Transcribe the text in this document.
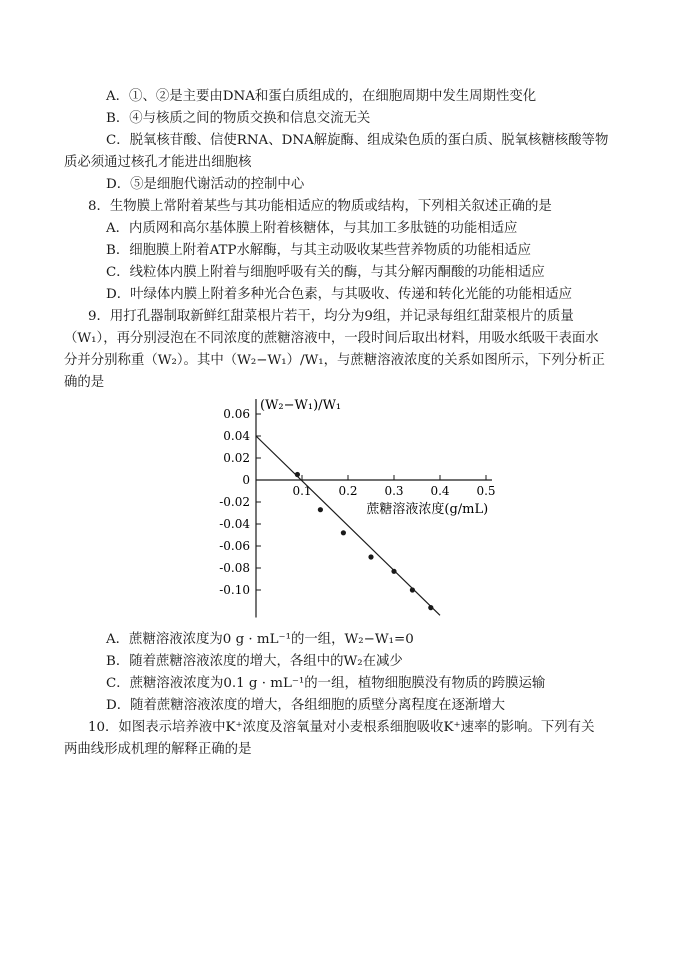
A．①、②是主要由DNA和蛋白质组成的，在细胞周期中发生周期性变化
B．④与核质之间的物质交换和信息交流无关
C．脱氧核苷酸、信使RNA、DNA解旋酶、组成染色质的蛋白质、脱氧核糖核酸等物
质必须通过核孔才能进出细胞核
D．⑤是细胞代谢活动的控制中心
8．生物膜上常附着某些与其功能相适应的物质或结构，下列相关叙述正确的是
A．内质网和高尔基体膜上附着核糖体，与其加工多肽链的功能相适应
B．细胞膜上附着ATP水解酶，与其主动吸收某些营养物质的功能相适应
C．线粒体内膜上附着与细胞呼吸有关的酶，与其分解丙酮酸的功能相适应
D．叶绿体内膜上附着多种光合色素，与其吸收、传递和转化光能的功能相适应
9．用打孔器制取新鲜红甜菜根片若干，均分为9组，并记录每组红甜菜根片的质量
（W₁），再分别浸泡在不同浓度的蔗糖溶液中，一段时间后取出材料，用吸水纸吸干表面水
分并分别称重（W₂）。其中（W₂−W₁）/W₁，与蔗糖溶液浓度的关系如图所示，下列分析正
确的是
0.06
0.04
0.02
-0.02
-0.04
-0.06
-0.08
-0.10
0.1 0.2 0.3 0.4 0.5
(W₂−W₁)/W₁
蔗糖溶液浓度(g/mL)
0
A．蔗糖溶液浓度为0 g · mL⁻¹的一组，W₂−W₁=0
B．随着蔗糖溶液浓度的增大，各组中的W₂在减少
C．蔗糖溶液浓度为0.1 g · mL⁻¹的一组，植物细胞膜没有物质的跨膜运输
D．随着蔗糖溶液浓度的增大，各组细胞的质壁分离程度在逐渐增大
10．如图表示培养液中K⁺浓度及溶氧量对小麦根系细胞吸收K⁺速率的影响。下列有关
两曲线形成机理的解释正确的是
